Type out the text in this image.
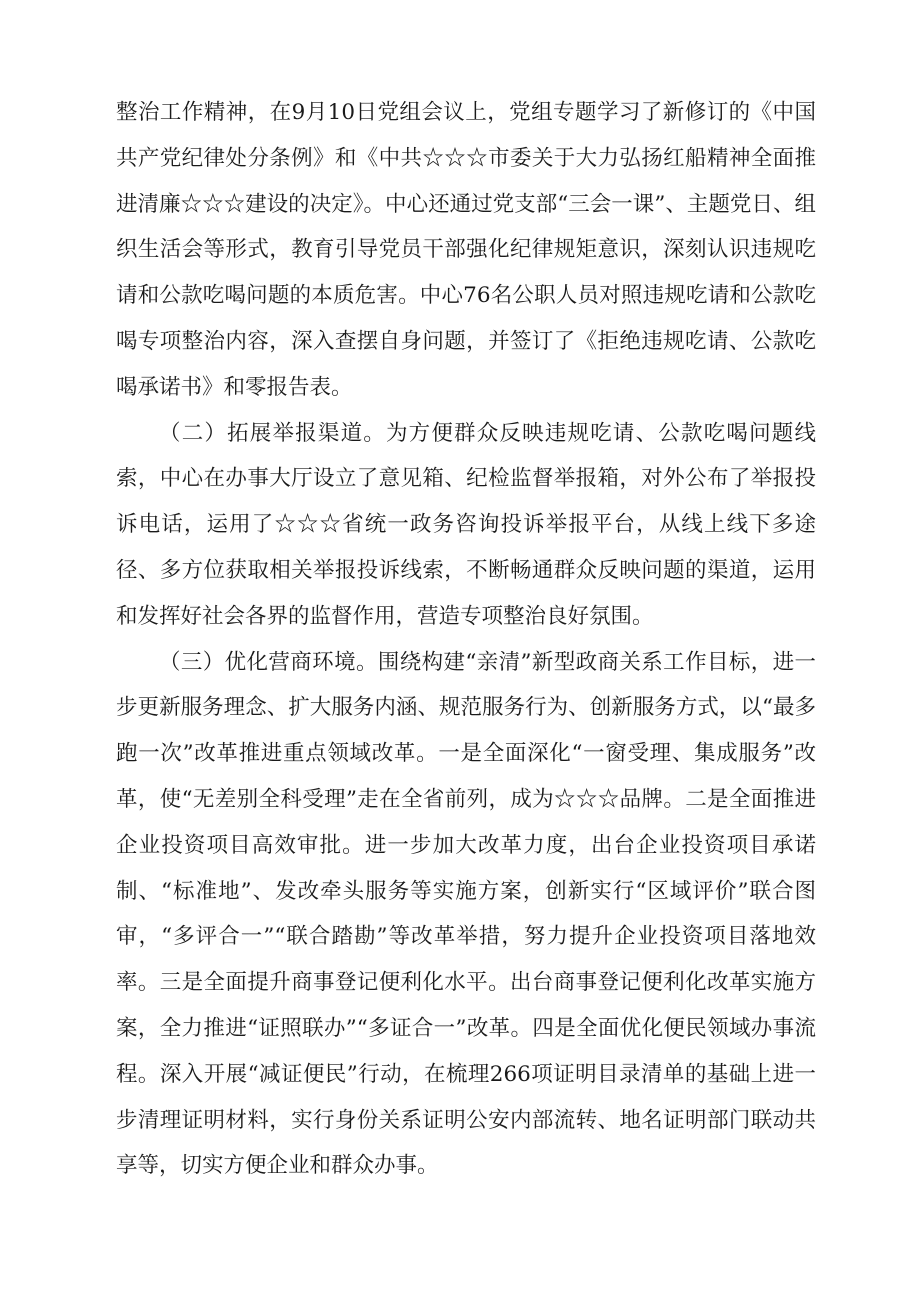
整治工作精神，在9月10日党组会议上，党组专题学习了新修订的《中国共产党纪律处分条例》和《中共☆☆☆市委关于大力弘扬红船精神全面推进清廉☆☆☆建设的决定》。中心还通过党支部“三会一课”、主题党日、组织生活会等形式，教育引导党员干部强化纪律规矩意识，深刻认识违规吃请和公款吃喝问题的本质危害。中心76名公职人员对照违规吃请和公款吃喝专项整治内容，深入查摆自身问题，并签订了《拒绝违规吃请、公款吃喝承诺书》和零报告表。

（二）拓展举报渠道。为方便群众反映违规吃请、公款吃喝问题线索，中心在办事大厅设立了意见箱、纪检监督举报箱，对外公布了举报投诉电话，运用了☆☆☆省统一政务咨询投诉举报平台，从线上线下多途径、多方位获取相关举报投诉线索，不断畅通群众反映问题的渠道，运用和发挥好社会各界的监督作用，营造专项整治良好氛围。

（三）优化营商环境。围绕构建“亲清”新型政商关系工作目标，进一步更新服务理念、扩大服务内涵、规范服务行为、创新服务方式，以“最多跑一次”改革推进重点领域改革。一是全面深化“一窗受理、集成服务”改革，使“无差别全科受理”走在全省前列，成为☆☆☆品牌。二是全面推进企业投资项目高效审批。进一步加大改革力度，出台企业投资项目承诺制、“标准地”、发改牵头服务等实施方案，创新实行“区域评价”联合图审，“多评合一”“联合踏勘”等改革举措，努力提升企业投资项目落地效率。三是全面提升商事登记便利化水平。出台商事登记便利化改革实施方案，全力推进“证照联办”“多证合一”改革。四是全面优化便民领域办事流程。深入开展“减证便民”行动，在梳理266项证明目录清单的基础上进一步清理证明材料，实行身份关系证明公安内部流转、地名证明部门联动共享等，切实方便企业和群众办事。
